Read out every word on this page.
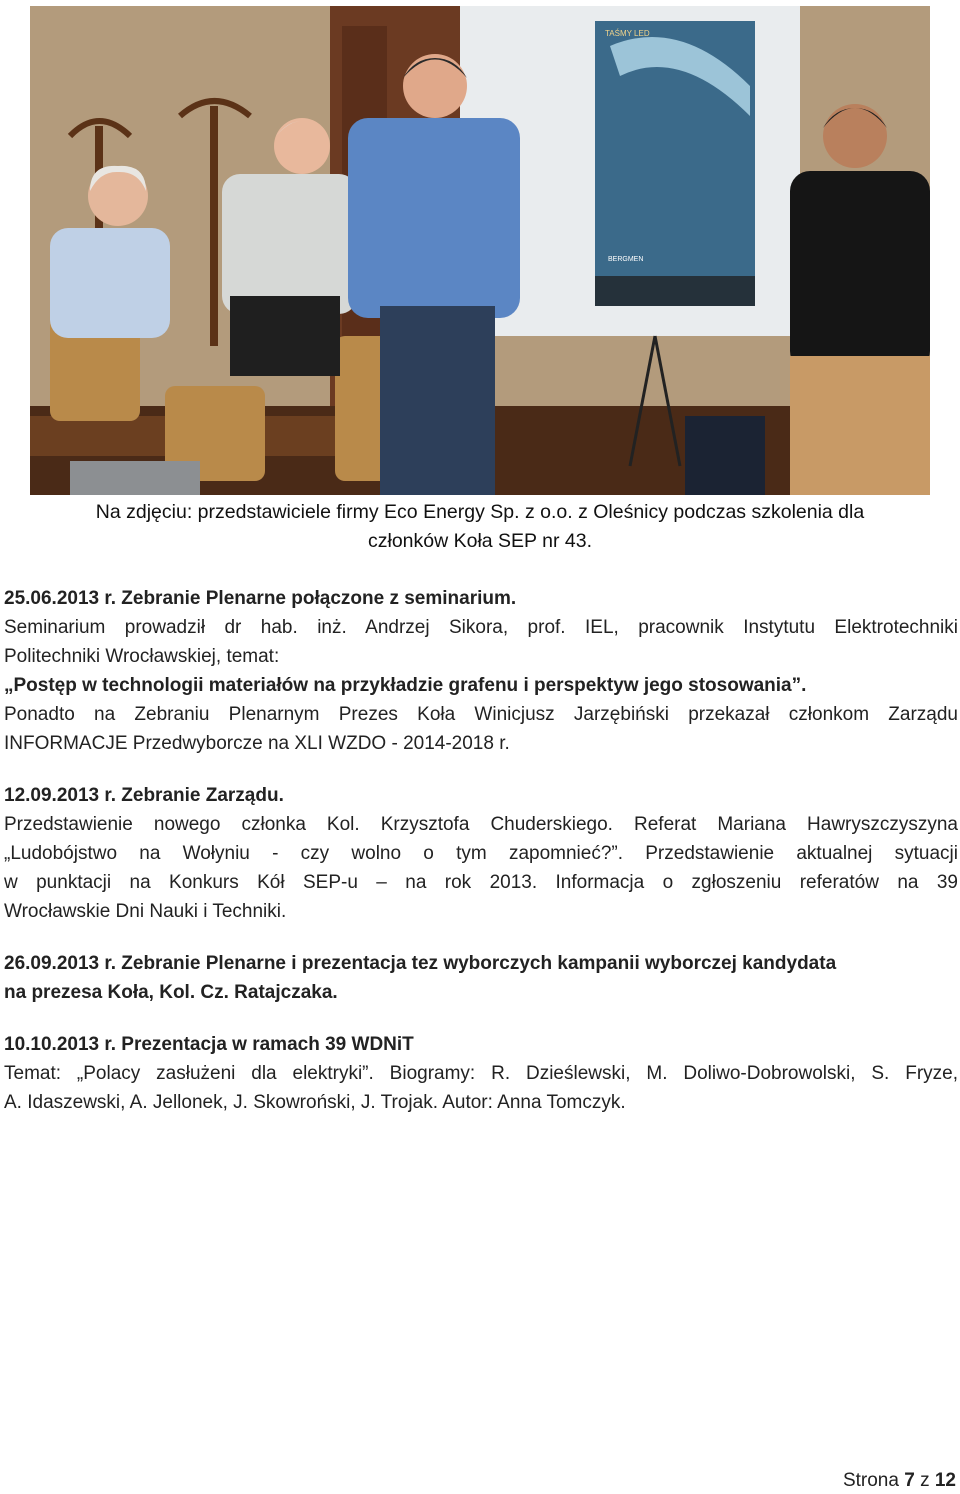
TAŚMY LED
BERGMEN
Na zdjęciu: przedstawiciele firmy Eco Energy Sp. z o.o. z Oleśnicy podczas szkolenia dla
członków Koła SEP nr 43.
25.06.2013 r. Zebranie Plenarne połączone z seminarium.
Seminarium prowadził dr hab. inż. Andrzej Sikora, prof. IEL, pracownik Instytutu Elektrotechniki
Politechniki Wrocławskiej, temat:
„Postęp w technologii materiałów na przykładzie grafenu i perspektyw jego stosowania”.
Ponadto na Zebraniu Plenarnym Prezes Koła Winicjusz Jarzębiński przekazał członkom Zarządu
INFORMACJE Przedwyborcze na XLI WZDO - 2014-2018 r.
12.09.2013 r. Zebranie Zarządu.
Przedstawienie nowego członka Kol. Krzysztofa Chuderskiego. Referat Mariana Hawryszczyszyna
„Ludobójstwo na Wołyniu - czy wolno o tym zapomnieć?”. Przedstawienie aktualnej sytuacji
w punktacji na Konkurs Kół SEP-u – na rok 2013. Informacja o zgłoszeniu referatów na 39
Wrocławskie Dni Nauki i Techniki.
26.09.2013 r. Zebranie Plenarne i prezentacja tez wyborczych kampanii wyborczej kandydata
na prezesa Koła, Kol. Cz. Ratajczaka.
10.10.2013 r. Prezentacja w ramach 39 WDNiT
Temat: „Polacy zasłużeni dla elektryki”. Biogramy: R. Dzieślewski, M. Doliwo-Dobrowolski, S. Fryze,
A. Idaszewski, A. Jellonek, J. Skowroński, J. Trojak. Autor: Anna Tomczyk.
Strona 7 z 12
